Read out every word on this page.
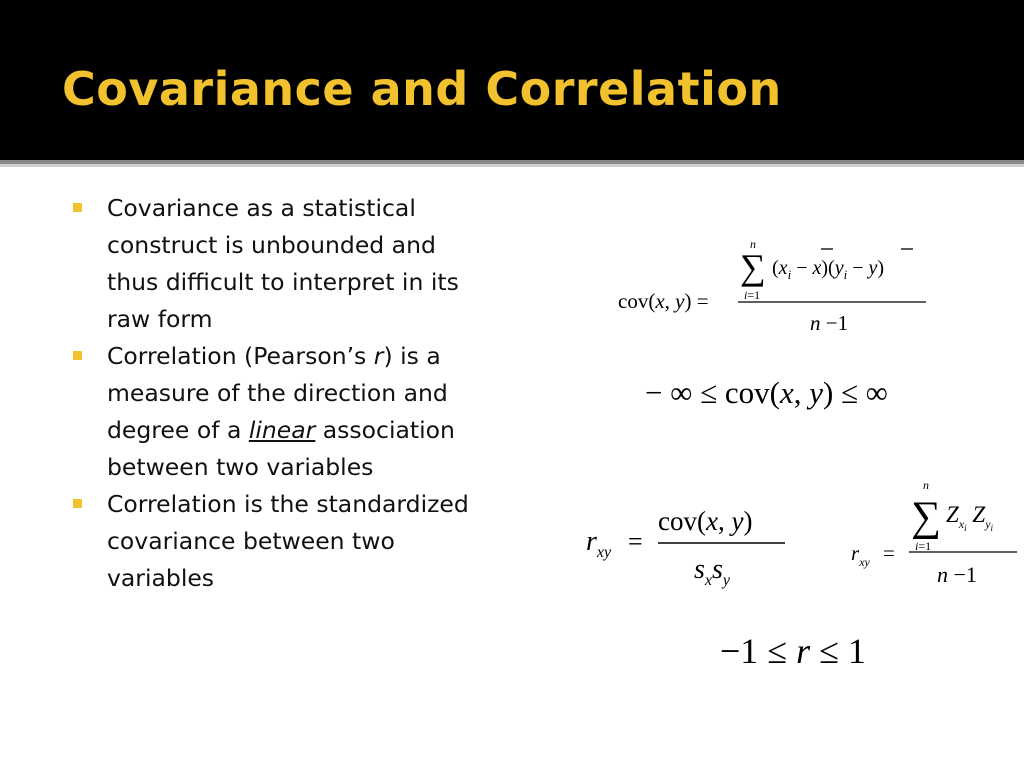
Covariance and Correlation
Covariance as a statistical construct is unbounded and thus difficult to interpret in its raw form
Correlation (Pearson’s r) is a measure of the direction and degree of a linear association between two variables
Correlation is the standardized covariance between two variables
cov(x, y) =
n
∑
i=1
$(x_i - x)(y_i - y)$
n −1
− ∞ ≤ cov(x, y) ≤ ∞
$r_{xy}$ =
cov(x, y)
$s_xs_y$
$r_{xy}$ =
n
∑
i=1
$Z_xi$ $Z_yi$
n −1
−1 ≤ r ≤ 1
